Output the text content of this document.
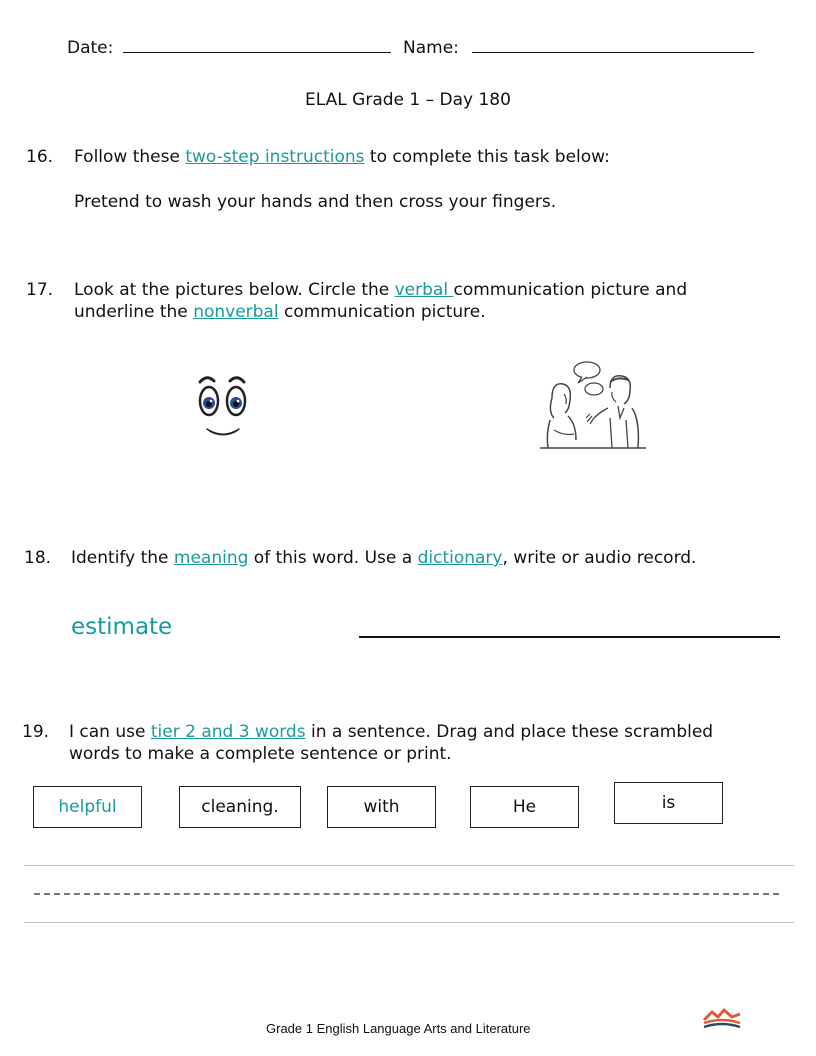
Date:	Name:
ELAL Grade 1 – Day 180
16. Follow these two-step instructions to complete this task below:
Pretend to wash your hands and then cross your fingers.
17. Look at the pictures below. Circle the verbal communication picture and
underline the nonverbal communication picture.
18. Identify the meaning of this word. Use a dictionary, write or audio record.
estimate
19. I can use tier 2 and 3 words in a sentence. Drag and place these scrambled
words to make a complete sentence or print.
helpful	cleaning.	with	He	is
Grade 1 English Language Arts and Literature
